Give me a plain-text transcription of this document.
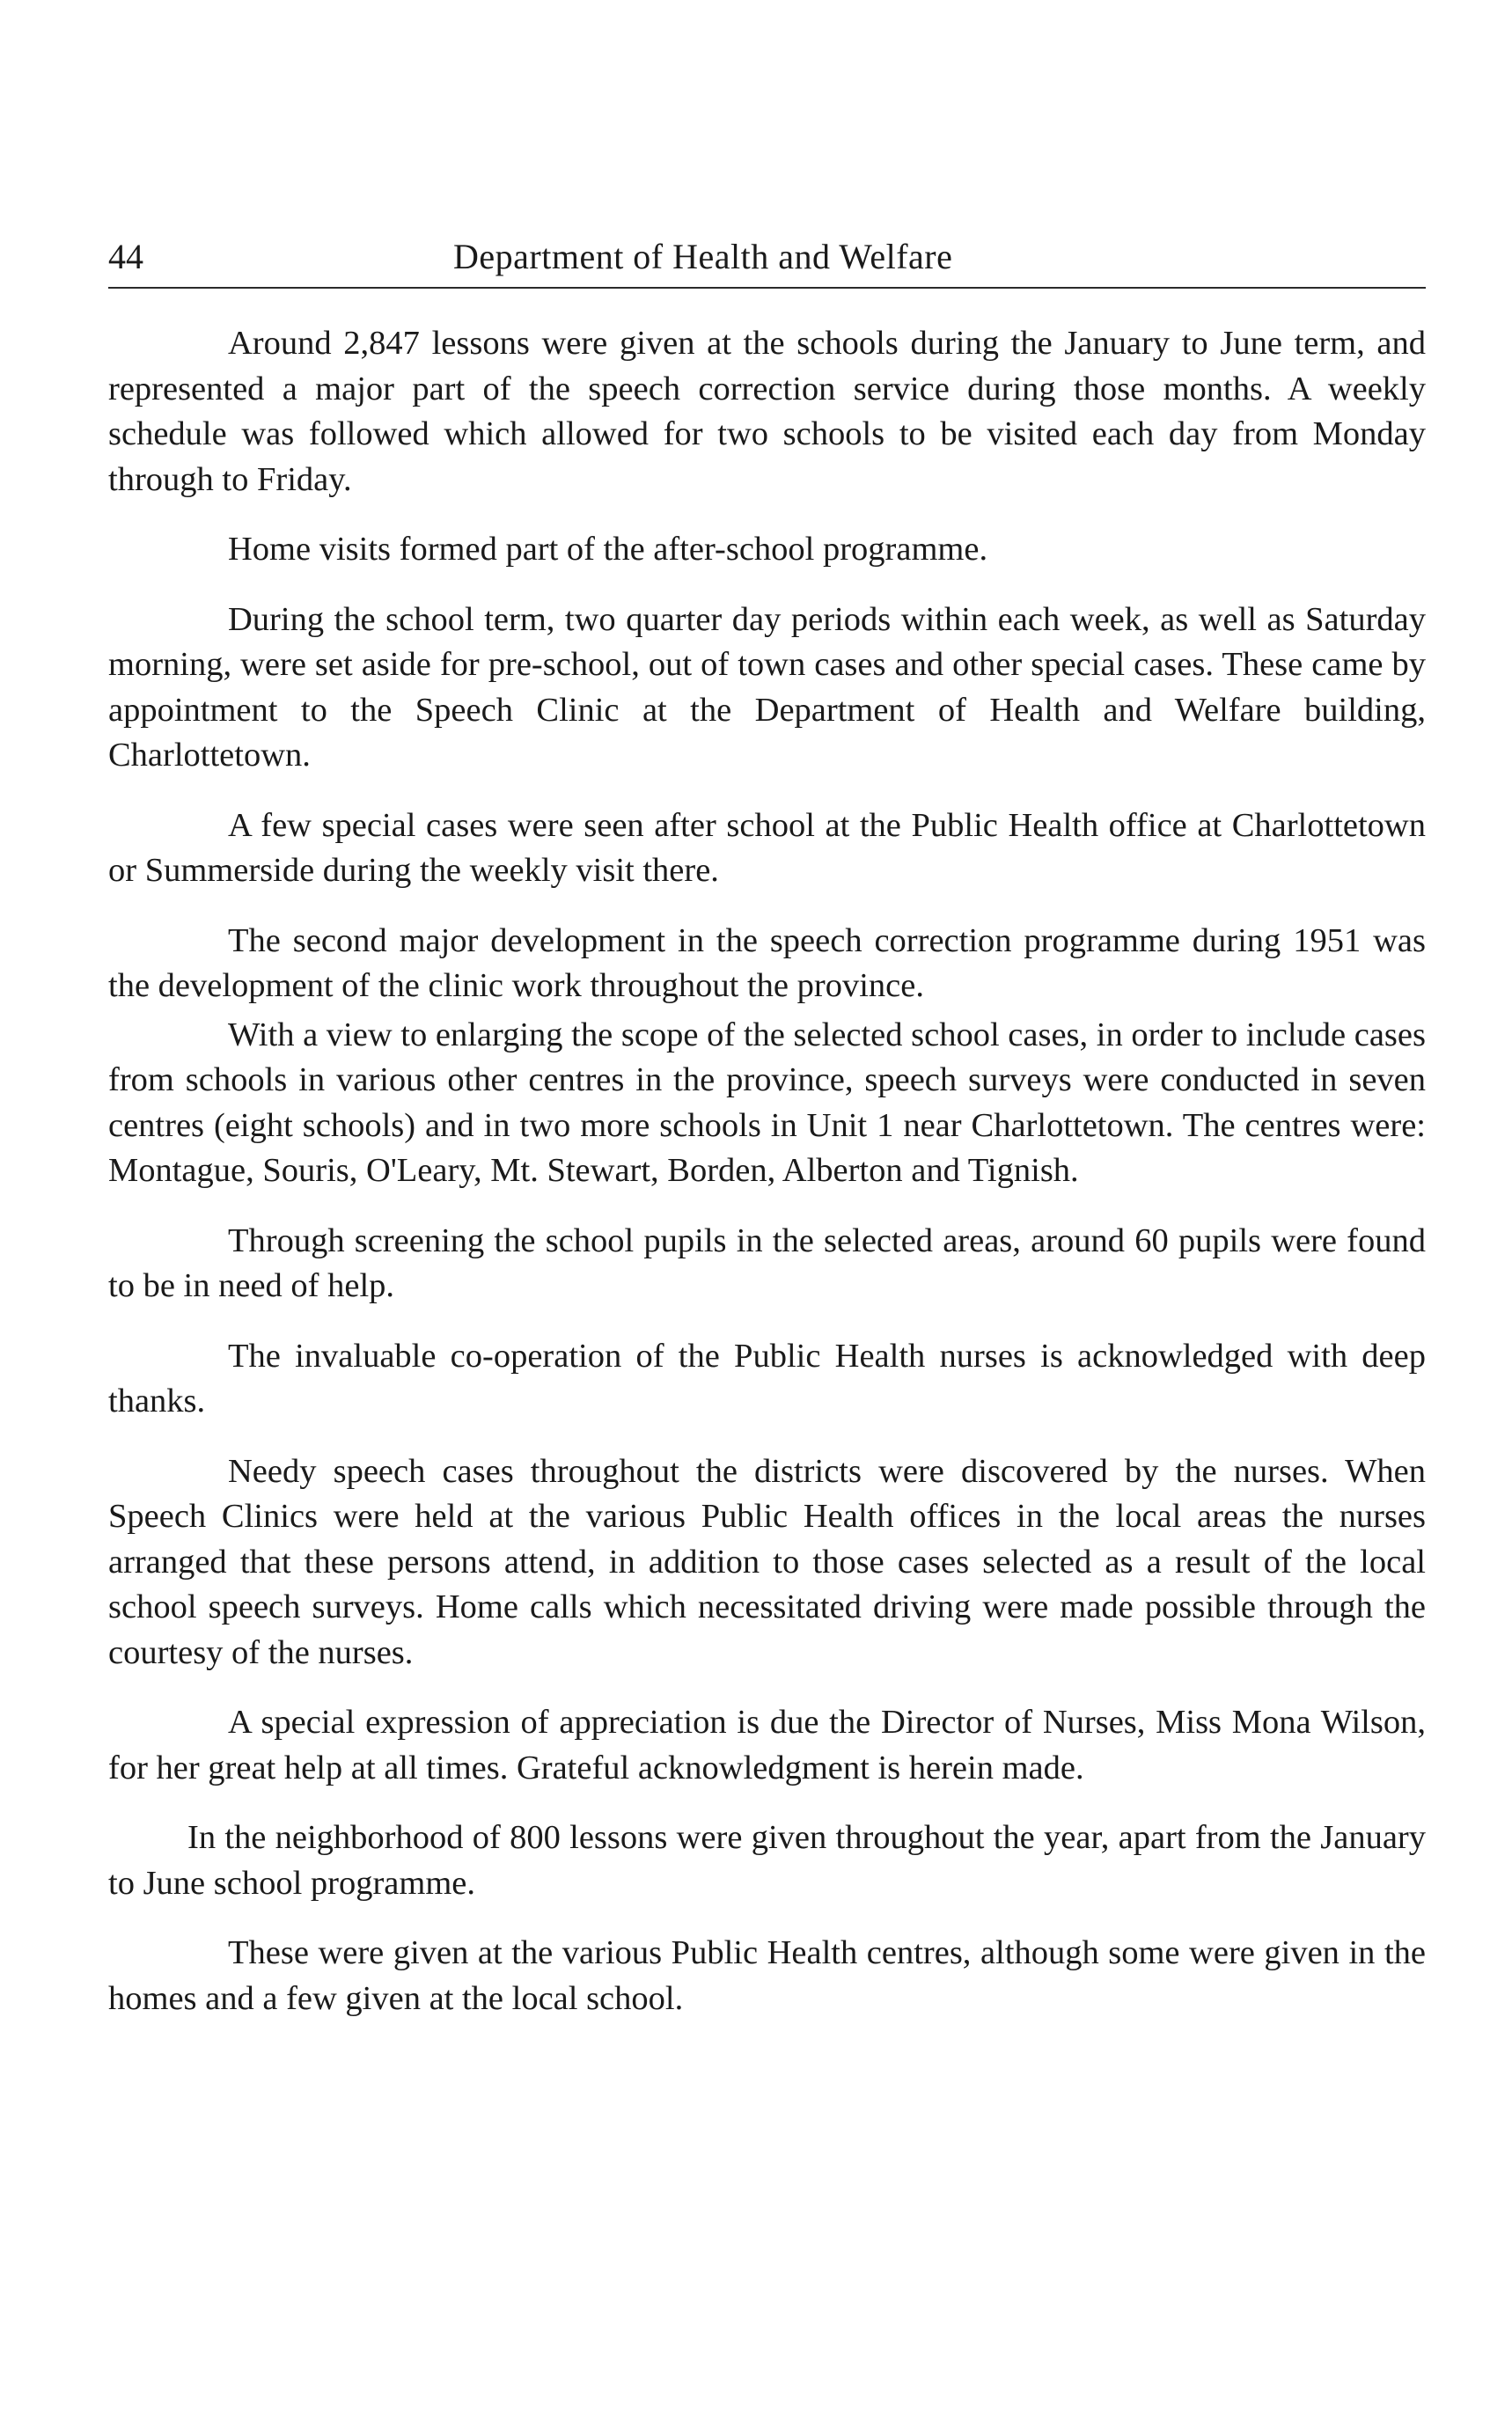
44	Department of Health and Welfare

Around 2,847 lessons were given at the schools during the January to June term, and represented a major part of the speech correction service during those months. A weekly schedule was followed which allowed for two schools to be visited each day from Monday through to Friday.

Home visits formed part of the after-school programme.

During the school term, two quarter day periods within each week, as well as Saturday morning, were set aside for pre-school, out of town cases and other special cases. These came by appointment to the Speech Clinic at the Department of Health and Welfare building, Charlottetown.

A few special cases were seen after school at the Public Health office at Charlottetown or Summerside during the weekly visit there.

The second major development in the speech correction programme during 1951 was the development of the clinic work throughout the province.

With a view to enlarging the scope of the selected school cases, in order to include cases from schools in various other centres in the province, speech surveys were conducted in seven centres (eight schools) and in two more schools in Unit 1 near Charlottetown. The centres were: Montague, Souris, O'Leary, Mt. Stewart, Borden, Alberton and Tignish.

Through screening the school pupils in the selected areas, around 60 pupils were found to be in need of help.

The invaluable co-operation of the Public Health nurses is acknowledged with deep thanks.

Needy speech cases throughout the districts were discovered by the nurses. When Speech Clinics were held at the various Public Health offices in the local areas the nurses arranged that these persons attend, in addition to those cases selected as a result of the local school speech surveys. Home calls which necessitated driving were made possible through the courtesy of the nurses.

A special expression of appreciation is due the Director of Nurses, Miss Mona Wilson, for her great help at all times. Grateful acknowledgment is herein made.

In the neighborhood of 800 lessons were given throughout the year, apart from the January to June school programme.

These were given at the various Public Health centres, although some were given in the homes and a few given at the local school.
